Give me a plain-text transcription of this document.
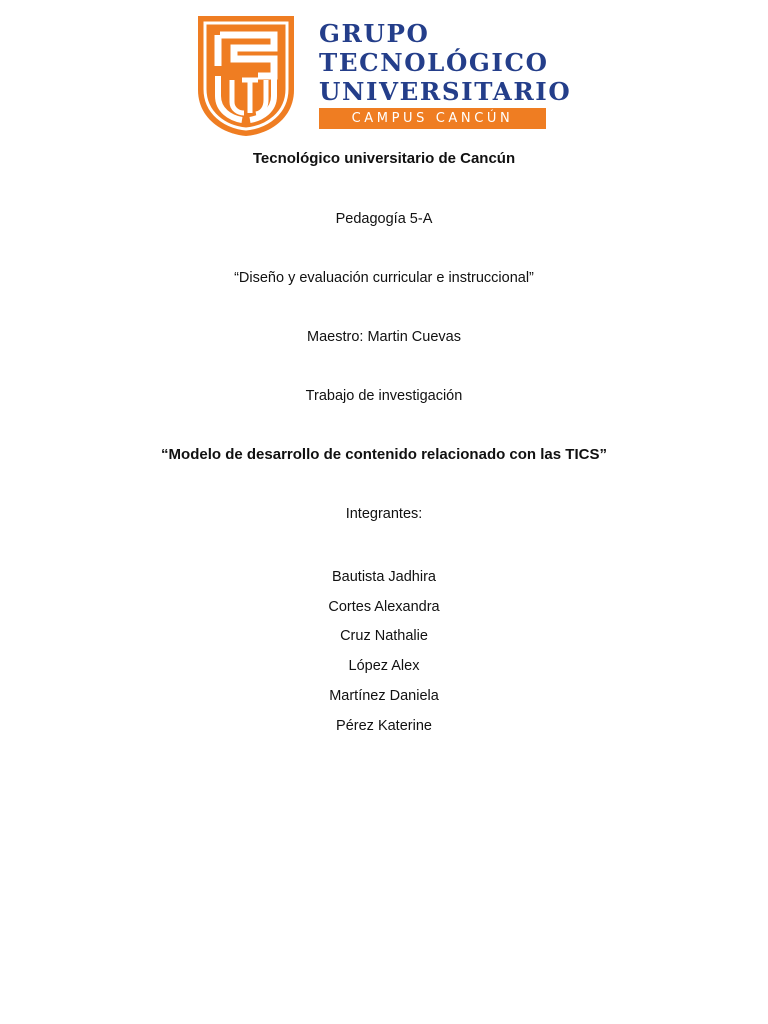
GRUPO
TECNOLÓGICO
UNIVERSITARIO
CAMPUS CANCÚN
Tecnológico universitario de Cancún
Pedagogía 5-A
“Diseño y evaluación curricular e instruccional”
Maestro: Martin Cuevas
Trabajo de investigación
“Modelo de desarrollo de contenido relacionado con las TICS”
Integrantes:
Bautista Jadhira
Cortes Alexandra
Cruz Nathalie
López Alex
Martínez Daniela
Pérez Katerine
